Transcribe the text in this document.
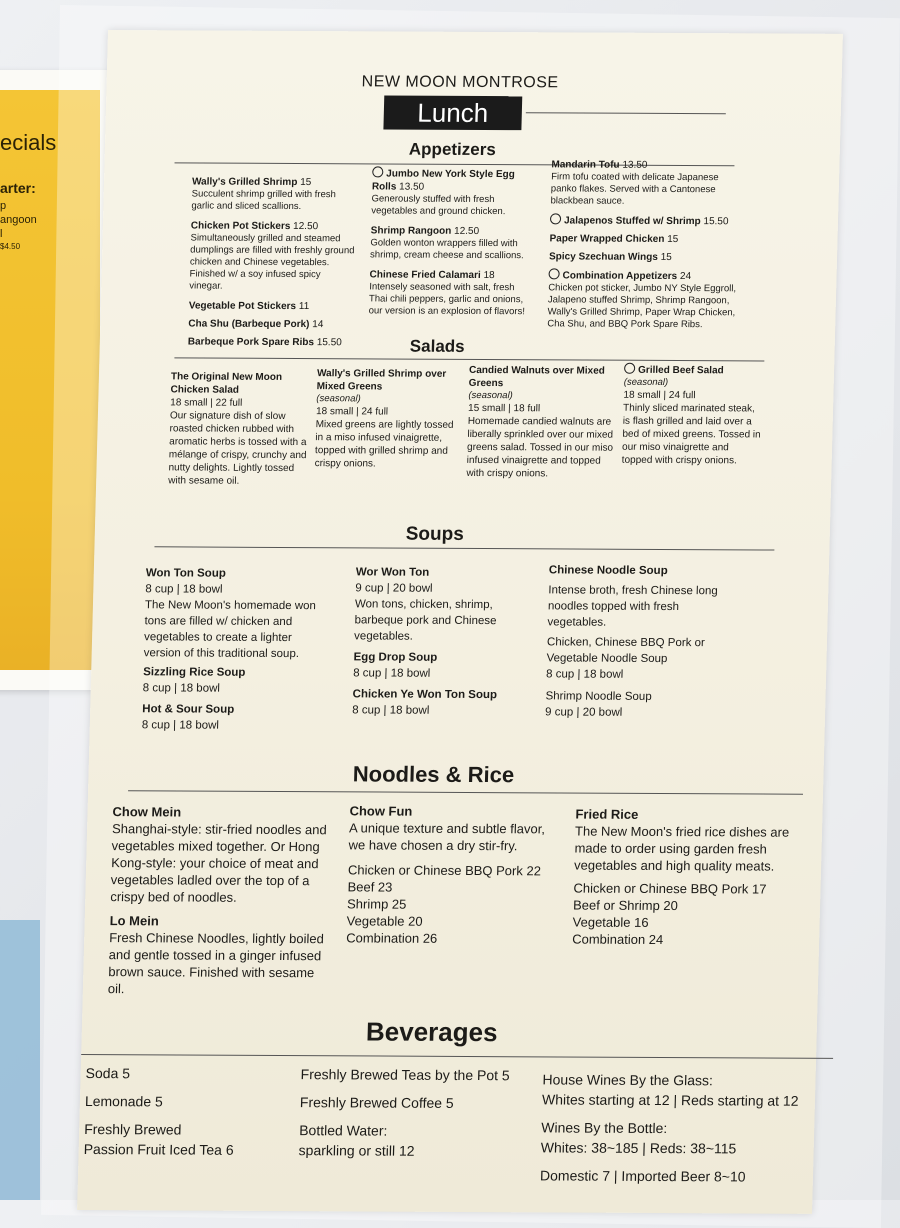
ecials
arter:
p
angoon
l
$4.50
NEW MOON MONTROSE
Lunch
Appetizers
Wally's Grilled Shrimp 15
Succulent shrimp grilled with fresh garlic and sliced scallions.
Chicken Pot Stickers 12.50
Simultaneously grilled and steamed dumplings are filled with freshly ground chicken and Chinese vegetables. Finished w/ a soy infused spicy vinegar.
Vegetable Pot Stickers 11
Cha Shu (Barbeque Pork) 14
Barbeque Pork Spare Ribs 15.50
Jumbo New York Style Egg Rolls 13.50
Generously stuffed with fresh vegetables and ground chicken.
Shrimp Rangoon 12.50
Golden wonton wrappers filled with shrimp, cream cheese and scallions.
Chinese Fried Calamari 18
Intensely seasoned with salt, fresh Thai chili peppers, garlic and onions, our version is an explosion of flavors!
Mandarin Tofu 13.50
Firm tofu coated with delicate Japanese panko flakes. Served with a Cantonese blackbean sauce.
Jalapenos Stuffed w/ Shrimp 15.50
Paper Wrapped Chicken 15
Spicy Szechuan Wings 15
Combination Appetizers 24
Chicken pot sticker, Jumbo NY Style Eggroll, Jalapeno stuffed Shrimp, Shrimp Rangoon, Wally's Grilled Shrimp, Paper Wrap Chicken, Cha Shu, and BBQ Pork Spare Ribs.
Salads
The Original New Moon Chicken Salad
18 small | 22 full
Our signature dish of slow roasted chicken rubbed with aromatic herbs is tossed with a mélange of crispy, crunchy and nutty delights. Lightly tossed with sesame oil.
Wally's Grilled Shrimp over Mixed Greens
(seasonal)
18 small | 24 full
Mixed greens are lightly tossed in a miso infused vinaigrette, topped with grilled shrimp and crispy onions.
Candied Walnuts over Mixed Greens
(seasonal)
15 small | 18 full
Homemade candied walnuts are liberally sprinkled over our mixed greens salad. Tossed in our miso infused vinaigrette and topped with crispy onions.
Grilled Beef Salad
(seasonal)
18 small | 24 full
Thinly sliced marinated steak, is flash grilled and laid over a bed of mixed greens. Tossed in our miso vinaigrette and topped with crispy onions.
Soups
Won Ton Soup
8 cup | 18 bowl
The New Moon's homemade won tons are filled w/ chicken and vegetables to create a lighter version of this traditional soup.
Sizzling Rice Soup
8 cup | 18 bowl
Hot & Sour Soup
8 cup | 18 bowl
Wor Won Ton
9 cup | 20 bowl
Won tons, chicken, shrimp, barbeque pork and Chinese vegetables.
Egg Drop Soup
8 cup | 18 bowl
Chicken Ye Won Ton Soup
8 cup | 18 bowl
Chinese Noodle Soup
Intense broth, fresh Chinese long noodles topped with fresh vegetables.
Chicken, Chinese BBQ Pork or Vegetable Noodle Soup
8 cup | 18 bowl
Shrimp Noodle Soup
9 cup | 20 bowl
Noodles & Rice
Chow Mein
Shanghai-style: stir-fried noodles and vegetables mixed together. Or Hong Kong-style: your choice of meat and vegetables ladled over the top of a crispy bed of noodles.
Lo Mein
Fresh Chinese Noodles, lightly boiled and gentle tossed in a ginger infused brown sauce. Finished with sesame oil.
Chow Fun
A unique texture and subtle flavor, we have chosen a dry stir-fry.
Chicken or Chinese BBQ Pork 22
Beef 23
Shrimp 25
Vegetable 20
Combination 26
Fried Rice
The New Moon's fried rice dishes are made to order using garden fresh vegetables and high quality meats.
Chicken or Chinese BBQ Pork 17
Beef or Shrimp 20
Vegetable 16
Combination 24
Beverages
Soda 5
Lemonade 5
Freshly Brewed
Passion Fruit Iced Tea 6
Freshly Brewed Teas by the Pot 5
Freshly Brewed Coffee 5
Bottled Water:
sparkling or still 12
House Wines By the Glass:
Whites starting at 12 | Reds starting at 12
Wines By the Bottle:
Whites: 38~185 | Reds: 38~115
Domestic 7 | Imported Beer 8~10
